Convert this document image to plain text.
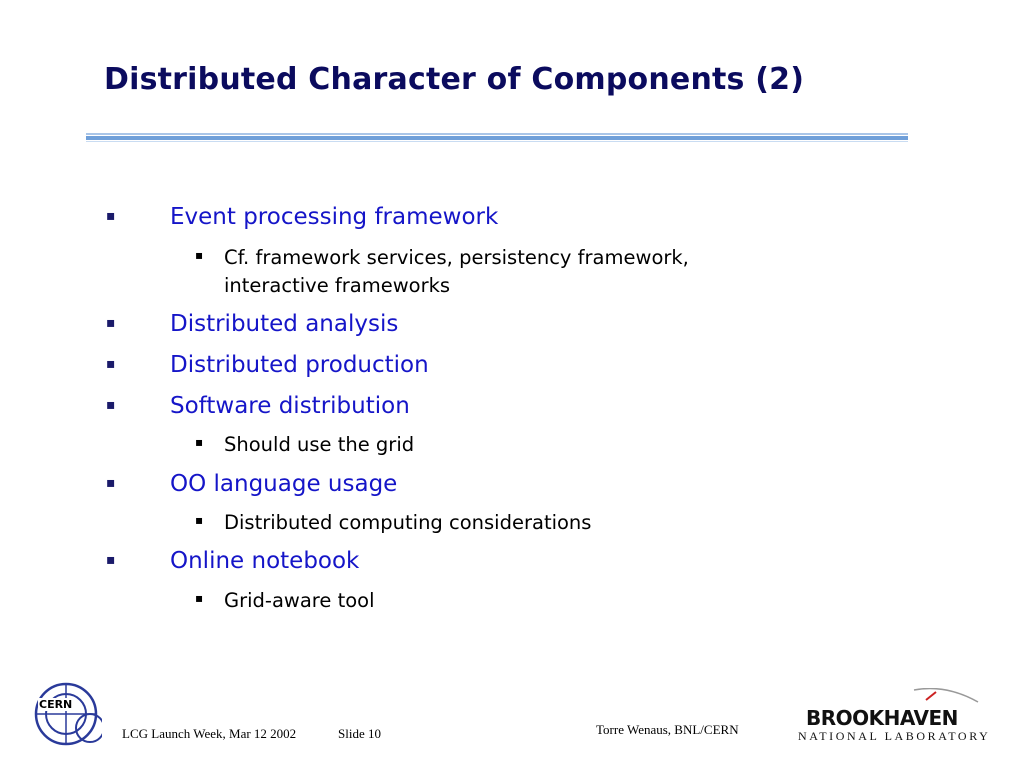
Distributed Character of Components (2)
▪ Event processing framework
▪ Cf. framework services, persistency framework,
interactive frameworks
▪ Distributed analysis
▪ Distributed production
▪ Software distribution
▪ Should use the grid
▪ OO language usage
▪ Distributed computing considerations
▪ Online notebook
▪ Grid-aware tool
CERN
LCG Launch Week, Mar 12 2002	Slide 10	Torre Wenaus, BNL/CERN	BROOKHAVEN
NATIONAL LABORATORY
